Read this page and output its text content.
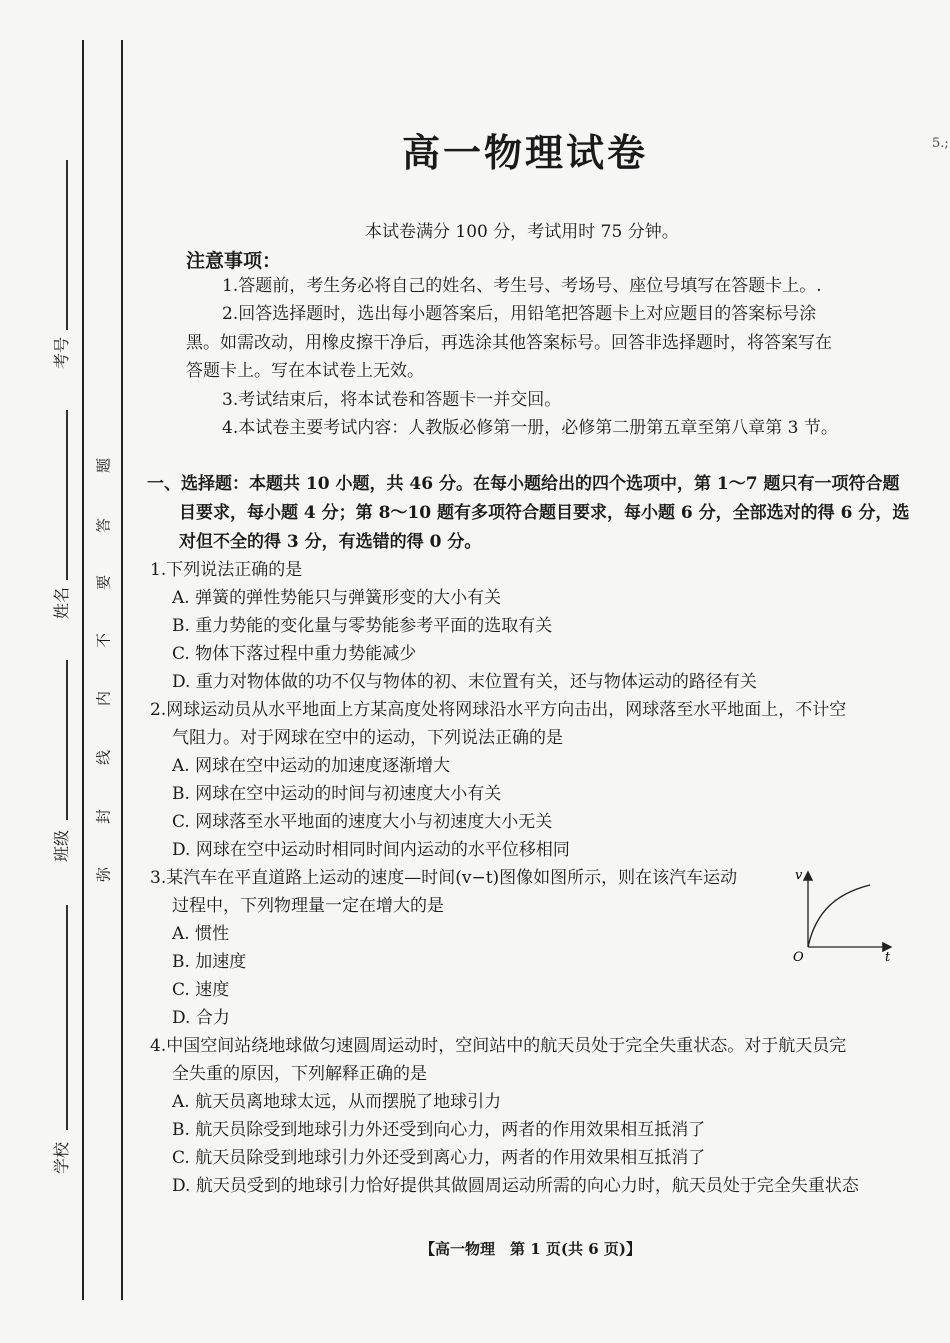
考号
姓名
班级
学校
题
答
要
不
内
线
封
弥
高一物理试卷	5.;
本试卷满分 100 分，考试用时 75 分钟。
注意事项：
1.答题前，考生务必将自己的姓名、考生号、考场号、座位号填写在答题卡上。.
2.回答选择题时，选出每小题答案后，用铅笔把答题卡上对应题目的答案标号涂
黑。如需改动，用橡皮擦干净后，再选涂其他答案标号。回答非选择题时，将答案写在
答题卡上。写在本试卷上无效。
3.考试结束后，将本试卷和答题卡一并交回。
4.本试卷主要考试内容：人教版必修第一册，必修第二册第五章至第八章第 3 节。
一、选择题：本题共 10 小题，共 46 分。在每小题给出的四个选项中，第 1～7 题只有一项符合题
目要求，每小题 4 分；第 8～10 题有多项符合题目要求，每小题 6 分，全部选对的得 6 分，选
对但不全的得 3 分，有选错的得 0 分。
1.下列说法正确的是
A. 弹簧的弹性势能只与弹簧形变的大小有关
B. 重力势能的变化量与零势能参考平面的选取有关
C. 物体下落过程中重力势能减少
D. 重力对物体做的功不仅与物体的初、末位置有关，还与物体运动的路径有关
2.网球运动员从水平地面上方某高度处将网球沿水平方向击出，网球落至水平地面上，不计空
气阻力。对于网球在空中的运动，下列说法正确的是
A. 网球在空中运动的加速度逐渐增大
B. 网球在空中运动的时间与初速度大小有关
C. 网球落至水平地面的速度大小与初速度大小无关
D. 网球在空中运动时相同时间内运动的水平位移相同
3.某汽车在平直道路上运动的速度—时间(v−t)图像如图所示，则在该汽车运动
过程中，下列物理量一定在增大的是
A. 惯性
B. 加速度
C. 速度
D. 合力
v
O	t
4.中国空间站绕地球做匀速圆周运动时，空间站中的航天员处于完全失重状态。对于航天员完
全失重的原因，下列解释正确的是
A. 航天员离地球太远，从而摆脱了地球引力
B. 航天员除受到地球引力外还受到向心力，两者的作用效果相互抵消了
C. 航天员除受到地球引力外还受到离心力，两者的作用效果相互抵消了
D. 航天员受到的地球引力恰好提供其做圆周运动所需的向心力时，航天员处于完全失重状态
【高一物理　第 1 页(共 6 页)】
